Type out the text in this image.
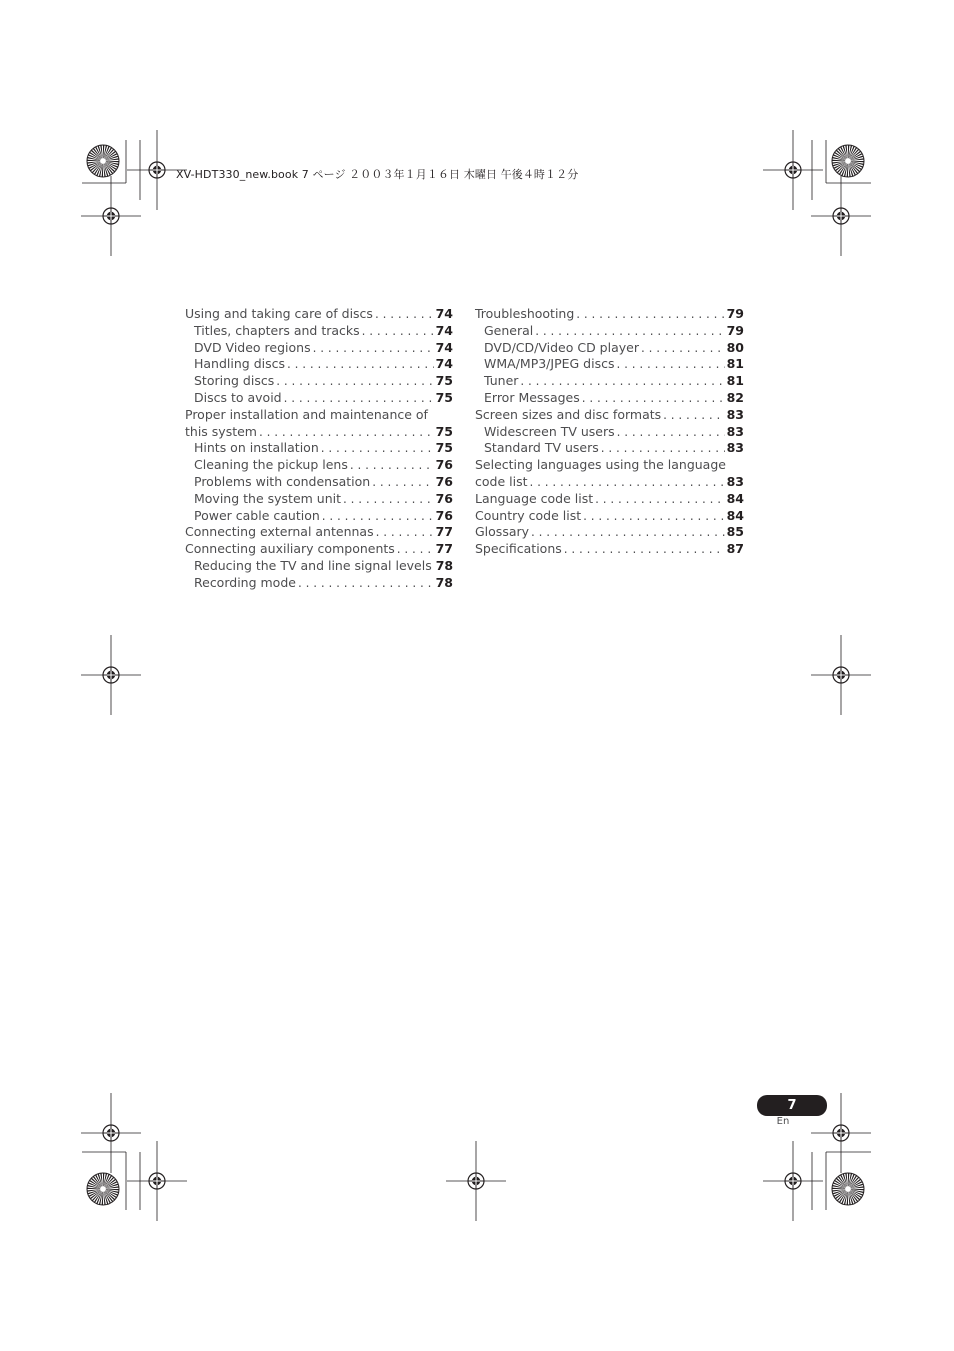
XV-HDT330_new.book 7 ページ ２００３年１月１６日 木曜日 午後４時１２分
Using and taking care of discs . . .	74
Titles, chapters and tracks . . .	74
DVD Video regions . . .	74
Handling discs . . .	74
Storing discs . . .	75
Discs to avoid . . .	75
Proper installation and maintenance of
this system . . .	75
Hints on installation . . .	75
Cleaning the pickup lens . . .	76
Problems with condensation . . .	76
Moving the system unit . . .	76
Power cable caution . . .	76
Connecting external antennas . . .	77
Connecting auxiliary components . . .	77
Reducing the TV and line signal levels 78
Recording mode . . .	78
Troubleshooting . . .	79
General . . .	79
DVD/CD/Video CD player . . .	80
WMA/MP3/JPEG discs . . .	81
Tuner . . .	81
Error Messages . . .	82
Screen sizes and disc formats . . .	83
Widescreen TV users . . .	83
Standard TV users . . .	83
Selecting languages using the language
code list . . .	83
Language code list . . .	84
Country code list . . .	84
Glossary . . .	85
Specifications . . .	87
7
En
